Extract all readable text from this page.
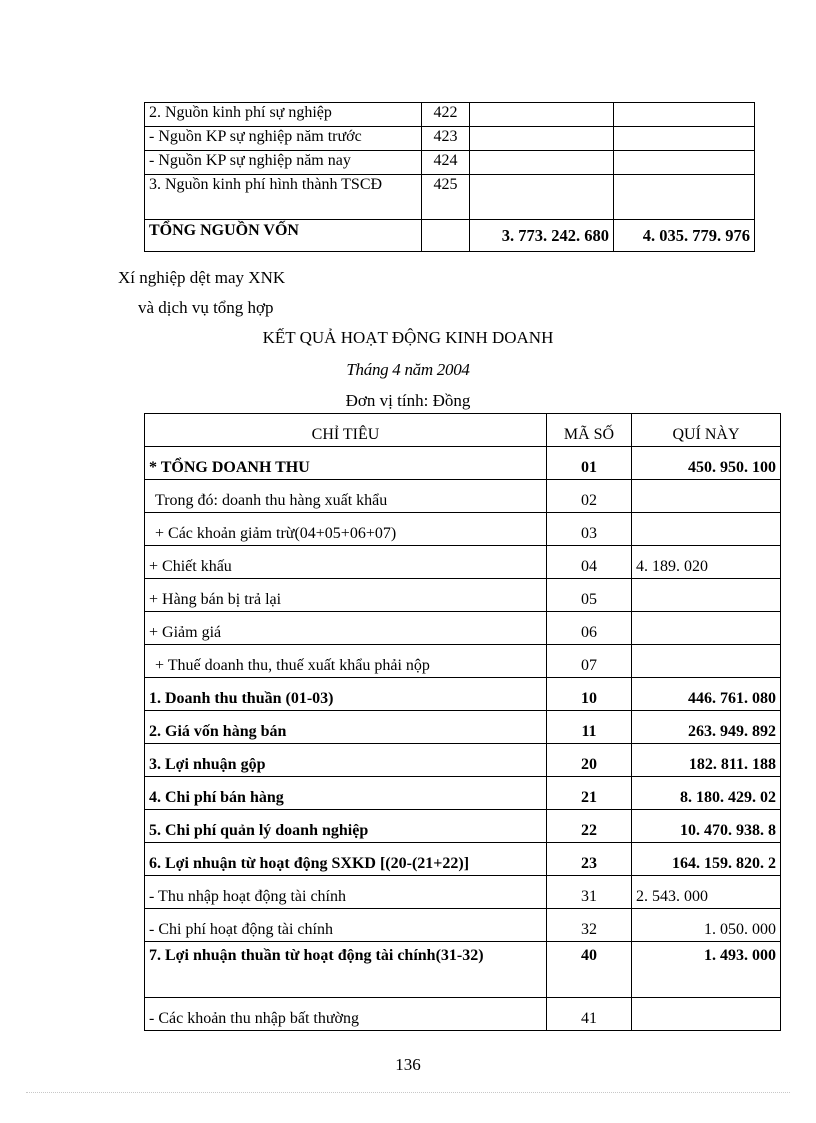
2. Nguồn kinh phí sự nghiệp	422		
- Nguồn KP sự nghiệp năm trước	423		
- Nguồn KP sự nghiệp năm nay	424		
3. Nguồn kinh phí hình thành TSCĐ	425		
TỔNG NGUỒN VỐN		3. 773. 242. 680	4. 035. 779. 976
Xí nghiệp dệt may XNK
và dịch vụ tổng hợp
KẾT QUẢ HOẠT ĐỘNG KINH DOANH
Tháng 4 năm 2004
Đơn vị tính: Đồng
CHỈ TIÊU	MÃ SỐ	QUÍ NÀY
* TỔNG DOANH THU	01	450. 950. 100
Trong đó: doanh thu hàng xuất khẩu	02	
+ Các khoản giảm trừ(04+05+06+07)	03	
+ Chiết khấu	04	4. 189. 020
+ Hàng bán bị trả lại	05	
+ Giảm giá	06	
+ Thuế doanh thu, thuế xuất khẩu phải nộp	07	
1. Doanh thu thuần (01-03)	10	446. 761. 080
2. Giá vốn hàng bán	11	263. 949. 892
3. Lợi nhuận gộp	20	182. 811. 188
4. Chi phí bán hàng	21	8. 180. 429. 02
5. Chi phí quản lý doanh nghiệp	22	10. 470. 938. 8
6. Lợi nhuận từ hoạt động SXKD [(20-(21+22)]	23	164. 159. 820. 2
- Thu nhập hoạt động tài chính	31	2. 543. 000
- Chi phí hoạt động tài chính	32	1. 050. 000
7. Lợi nhuận thuần từ hoạt động tài chính(31-32)	40	1. 493. 000
- Các khoản thu nhập bất thường	41	
136
